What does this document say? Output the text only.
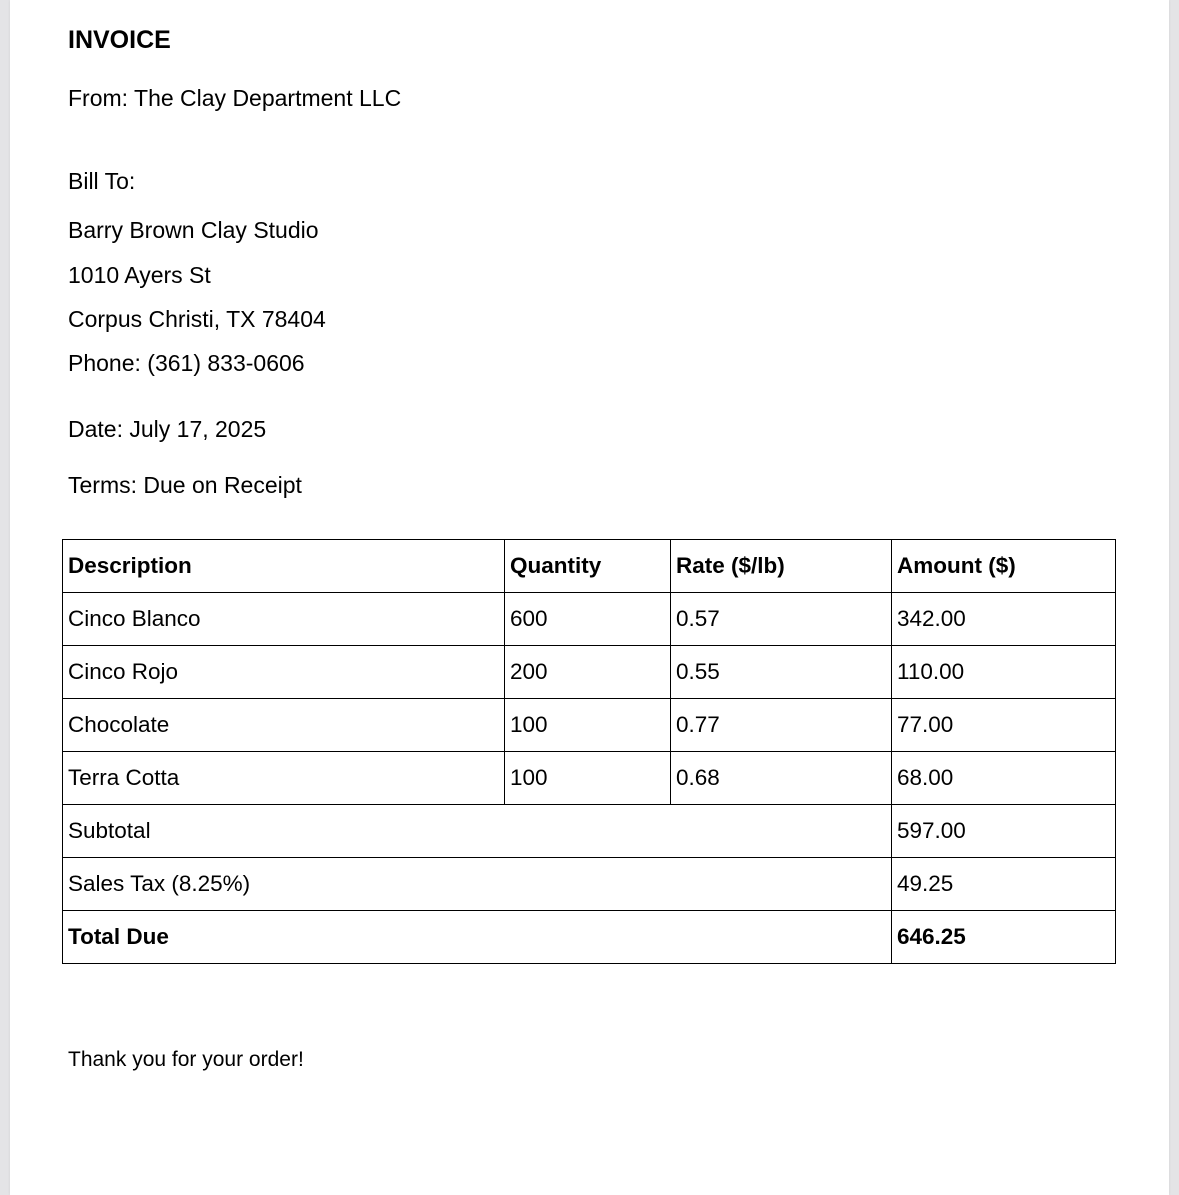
INVOICE
From: The Clay Department LLC
Bill To:
Barry Brown Clay Studio
1010 Ayers St
Corpus Christi, TX 78404
Phone: (361) 833-0606
Date: July 17, 2025
Terms: Due on Receipt
Description	Quantity	Rate ($/lb)	Amount ($)
Cinco Blanco	600	0.57	342.00
Cinco Rojo	200	0.55	110.00
Chocolate	100	0.77	77.00
Terra Cotta	100	0.68	68.00
Subtotal			597.00
Sales Tax (8.25%)			49.25
Total Due			646.25
Thank you for your order!
